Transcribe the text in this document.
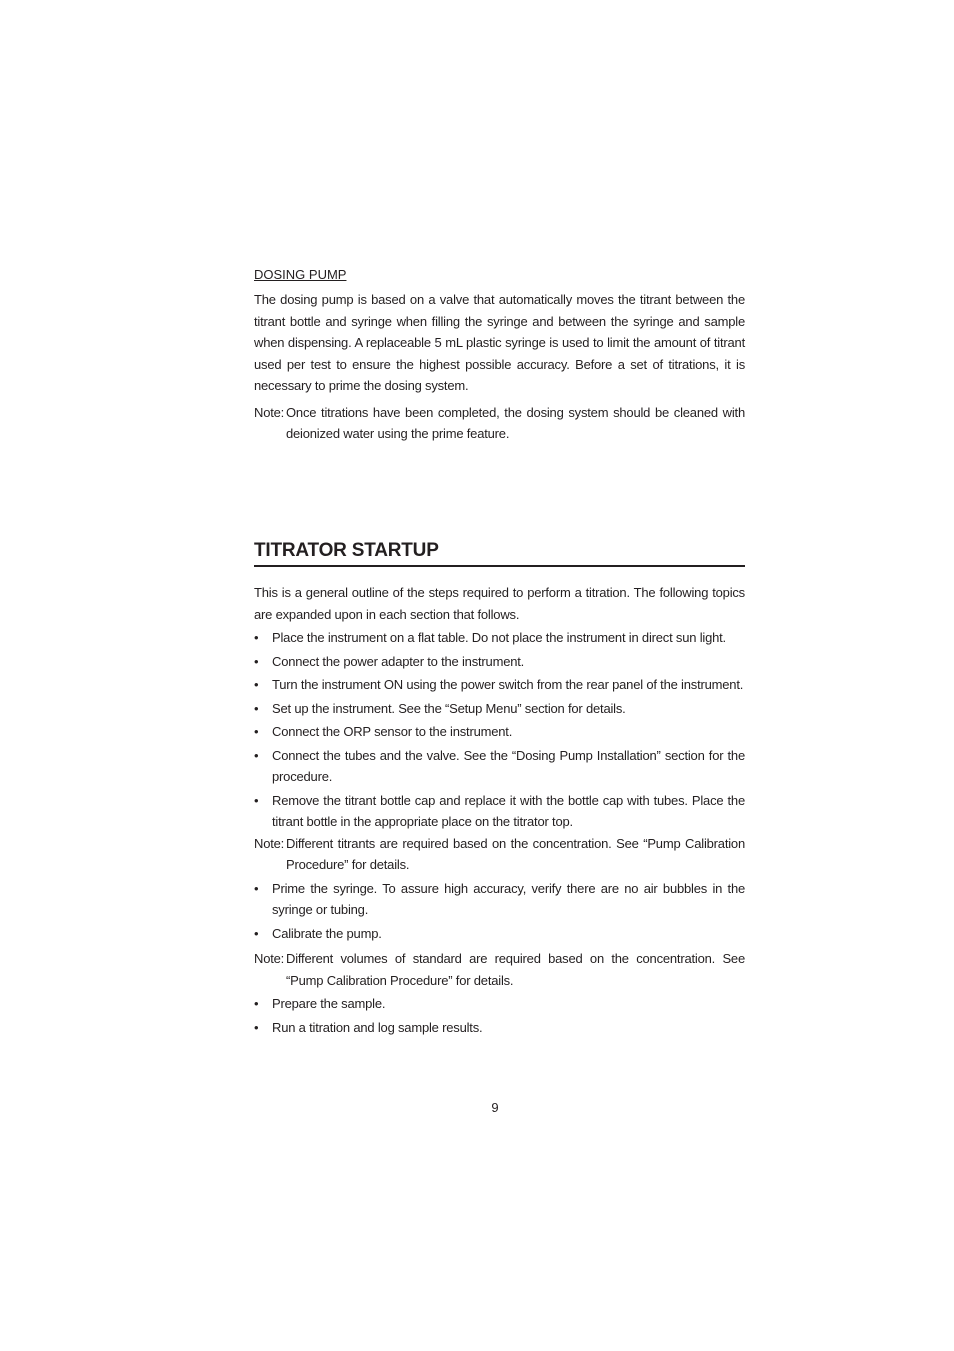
DOSING PUMP

The dosing pump is based on a valve that automatically moves the titrant between the titrant bottle and syringe when filling the syringe and between the syringe and sample when dispensing. A replaceable 5 mL plastic syringe is used to limit the amount of titrant used per test to ensure the highest possible accuracy. Before a set of titrations, it is necessary to prime the dosing system.

Note: Once titrations have been completed, the dosing system should be cleaned with deionized water using the prime feature.
TITRATOR STARTUP

This is a general outline of the steps required to perform a titration. The following topics are expanded upon in each section that follows.

•	Place the instrument on a flat table. Do not place the instrument in direct sun light.
•	Connect the power adapter to the instrument.
•	Turn the instrument ON using the power switch from the rear panel of the instrument.
•	Set up the instrument. See the “Setup Menu” section for details.
•	Connect the ORP sensor to the instrument.
•	Connect the tubes and the valve. See the “Dosing Pump Installation” section for the procedure.
•	Remove the titrant bottle cap and replace it with the bottle cap with tubes. Place the titrant bottle in the appropriate place on the titrator top.
Note: Different titrants are required based on the concentration. See “Pump Calibration Procedure” for details.
•	Prime the syringe. To assure high accuracy, verify there are no air bubbles in the syringe or tubing.
•	Calibrate the pump.
Note: Different volumes of standard are required based on the concentration. See “Pump Calibration Procedure” for details.
•	Prepare the sample.
•	Run a titration and log sample results.
9
